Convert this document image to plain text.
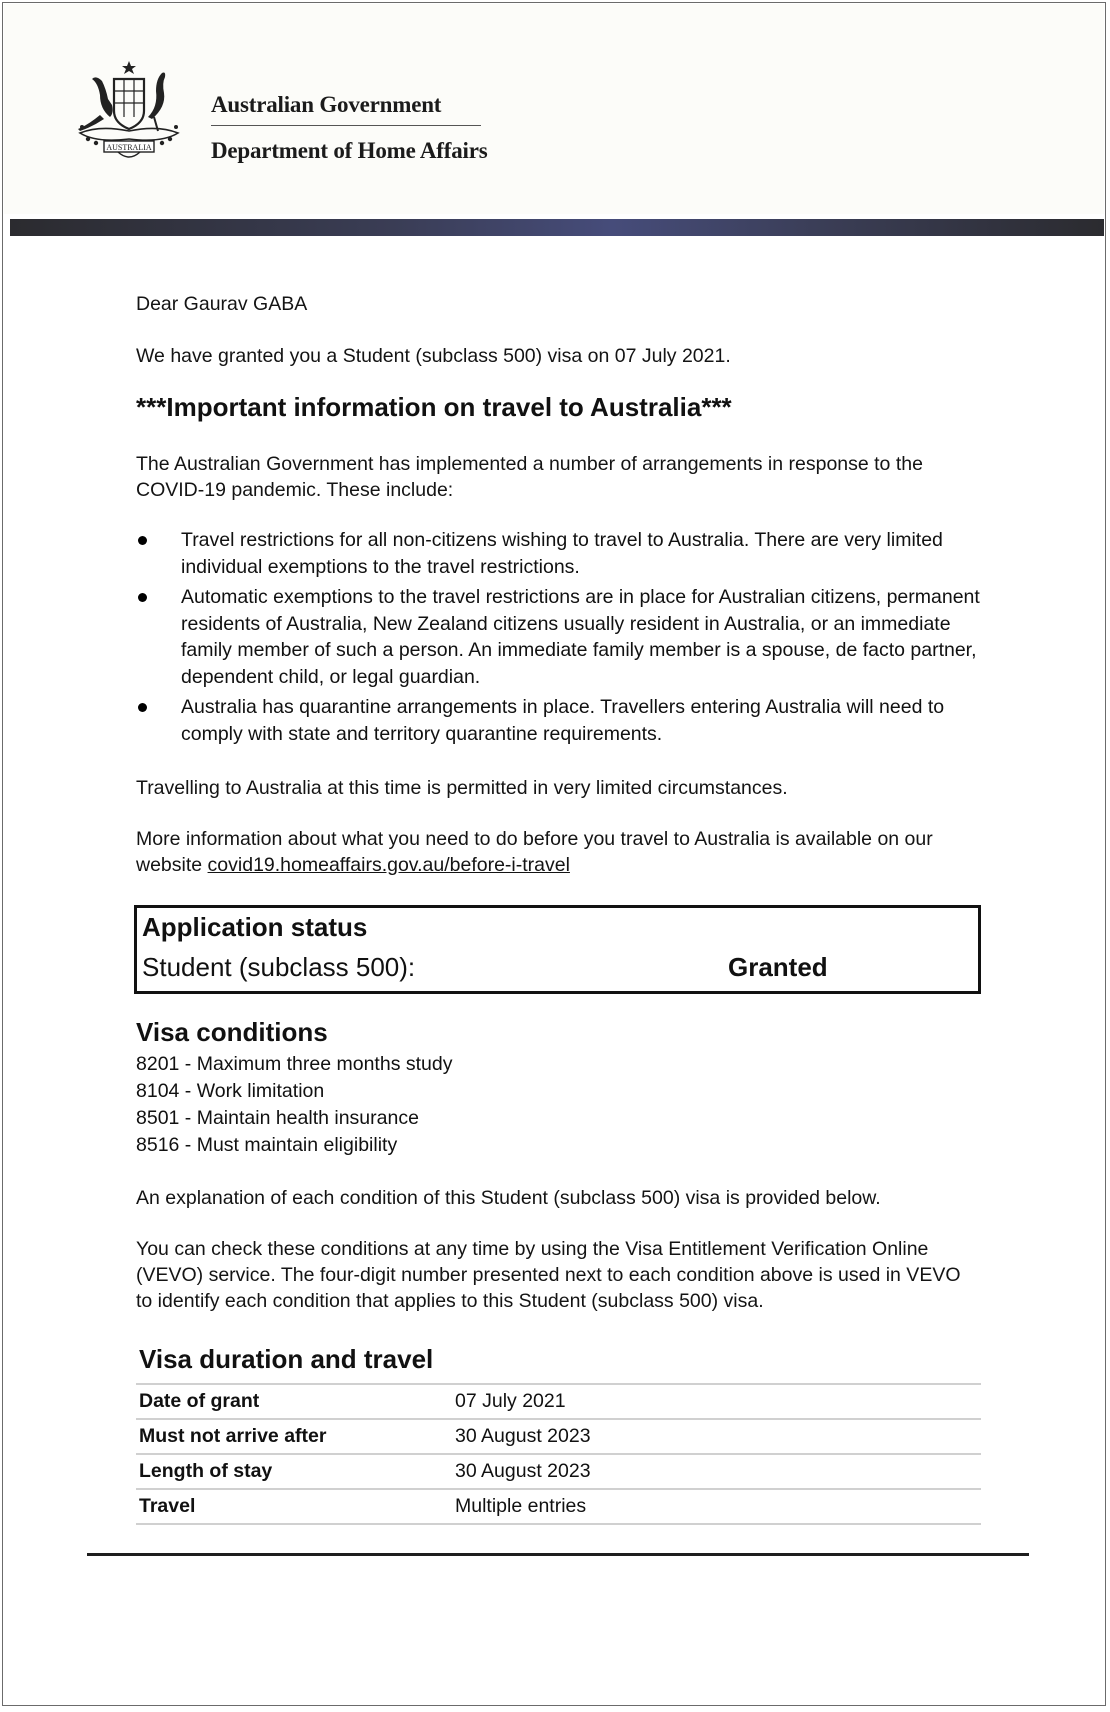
AUSTRALIA
Australian Government
Department of Home Affairs
Dear Gaurav GABA
We have granted you a Student (subclass 500) visa on 07 July 2021.
***Important information on travel to Australia***
The Australian Government has implemented a number of arrangements in response to the COVID-19 pandemic. These include:
Travel restrictions for all non-citizens wishing to travel to Australia. There are very limited individual exemptions to the travel restrictions.
Automatic exemptions to the travel restrictions are in place for Australian citizens, permanent residents of Australia, New Zealand citizens usually resident in Australia, or an immediate family member of such a person. An immediate family member is a spouse, de facto partner, dependent child, or legal guardian.
Australia has quarantine arrangements in place. Travellers entering Australia will need to comply with state and territory quarantine requirements.
Travelling to Australia at this time is permitted in very limited circumstances.
More information about what you need to do before you travel to Australia is available on our website covid19.homeaffairs.gov.au/before-i-travel
Application status
Student (subclass 500):	Granted
Visa conditions
8201 - Maximum three months study
8104 - Work limitation
8501 - Maintain health insurance
8516 - Must maintain eligibility
An explanation of each condition of this Student (subclass 500) visa is provided below.
You can check these conditions at any time by using the Visa Entitlement Verification Online (VEVO) service. The four-digit number presented next to each condition above is used in VEVO to identify each condition that applies to this Student (subclass 500) visa.
Visa duration and travel
Date of grant	07 July 2021
Must not arrive after	30 August 2023
Length of stay	30 August 2023
Travel	Multiple entries
